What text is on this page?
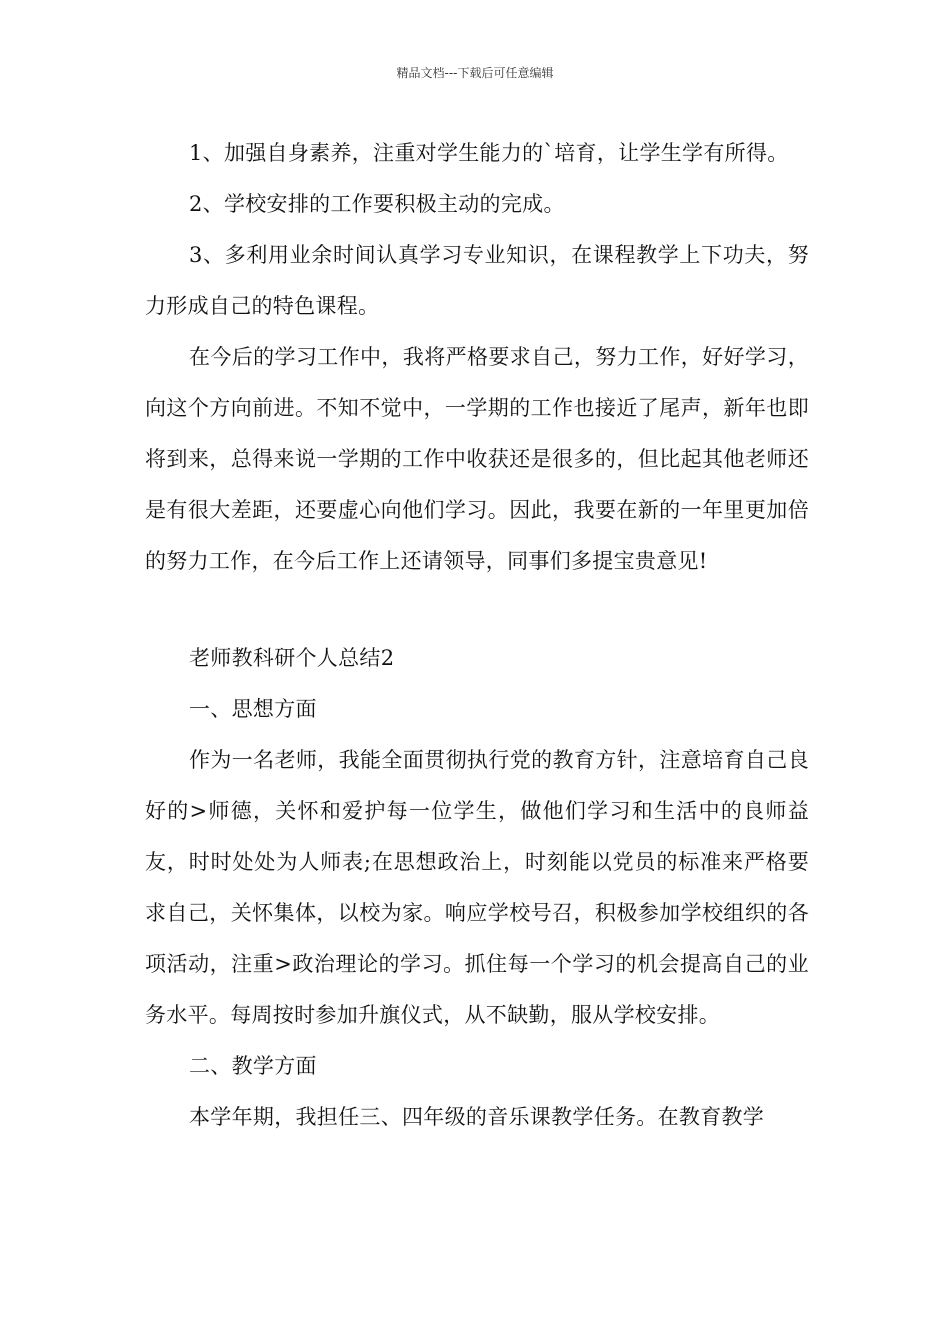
精品文档---下载后可任意编辑

1、加强自身素养，注重对学生能力的`培育，让学生学有所得。

2、学校安排的工作要积极主动的完成。

3、多利用业余时间认真学习专业知识，在课程教学上下功夫，努力形成自己的特色课程。

在今后的学习工作中，我将严格要求自己，努力工作，好好学习，向这个方向前进。不知不觉中，一学期的工作也接近了尾声，新年也即将到来，总得来说一学期的工作中收获还是很多的，但比起其他老师还是有很大差距，还要虚心向他们学习。因此，我要在新的一年里更加倍的努力工作，在今后工作上还请领导，同事们多提宝贵意见!

老师教科研个人总结2

一、思想方面

作为一名老师，我能全面贯彻执行党的教育方针，注意培育自己良好的>师德，关怀和爱护每一位学生，做他们学习和生活中的良师益友，时时处处为人师表;在思想政治上，时刻能以党员的标准来严格要求自己，关怀集体，以校为家。响应学校号召，积极参加学校组织的各项活动，注重>政治理论的学习。抓住每一个学习的机会提高自己的业务水平。每周按时参加升旗仪式，从不缺勤，服从学校安排。

二、教学方面

本学年期，我担任三、四年级的音乐课教学任务。在教育教学
